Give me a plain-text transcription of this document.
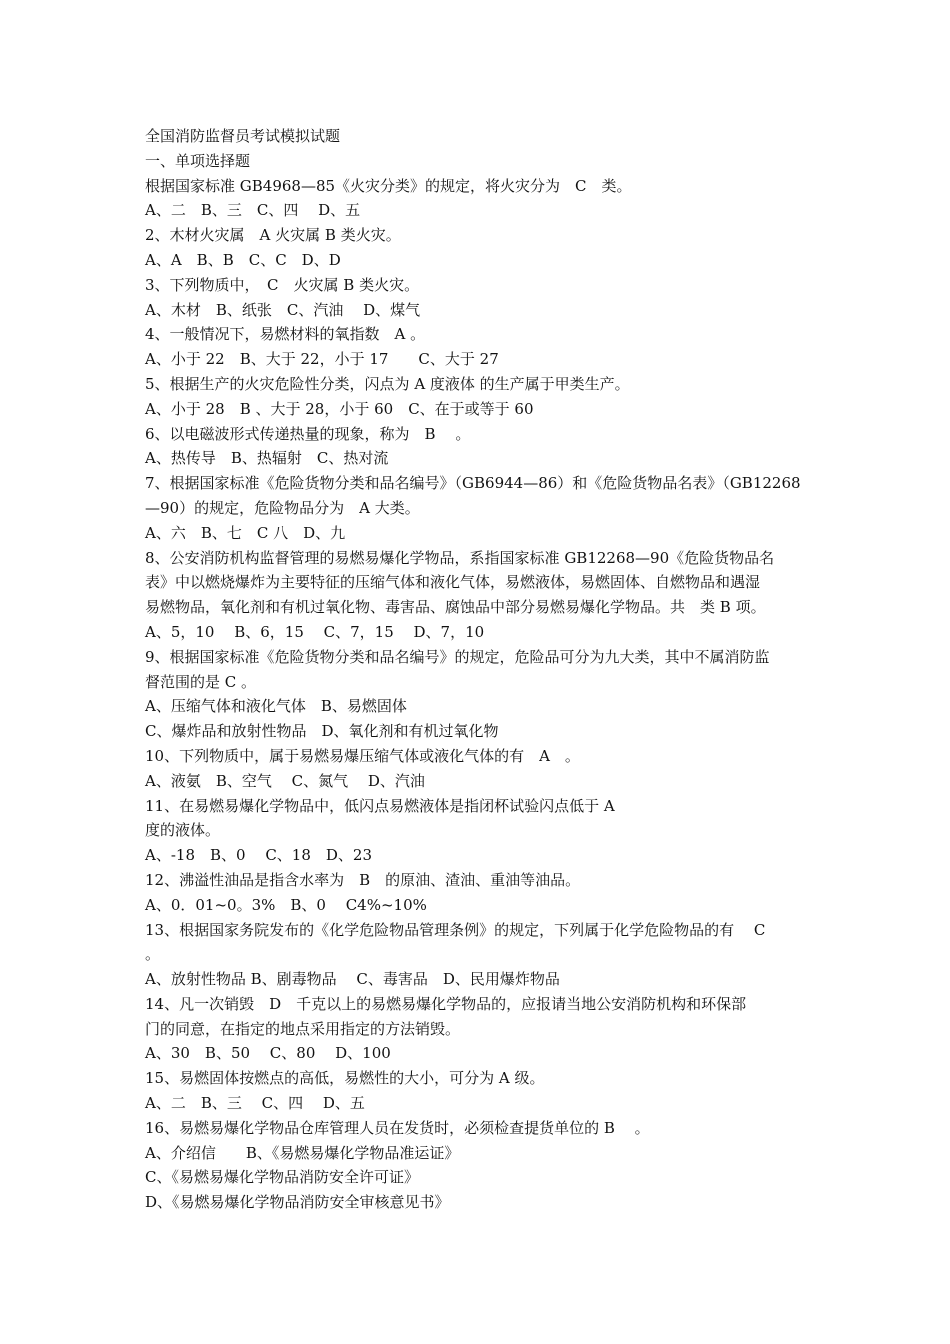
全国消防监督员考试模拟试题
一、单项选择题
根据国家标准 GB4968—85《火灾分类》的规定，将火灾分为　C　类。
A、二　B、三　C、四　 D、五
2、木材火灾属　A 火灾属 B 类火灾。
A、A　B、B　C、C　D、D
3、下列物质中，　C　火灾属 B 类火灾。
A、木材　B、纸张　C、汽油　 D、煤气
4、一般情况下，易燃材料的氧指数　A 。
A、小于 22　B、大于 22，小于 17　　C、大于 27
5、根据生产的火灾危险性分类，闪点为 A 度液体 的生产属于甲类生产。
A、小于 28　B 、大于 28，小于 60　C、在于或等于 60
6、以电磁波形式传递热量的现象，称为　B　 。
A、热传导　B、热辐射　C、热对流
7、根据国家标准《危险货物分类和品名编号》（GB6944—86）和《危险货物品名表》（GB12268
—90）的规定，危险物品分为　A 大类。
A、六　B、七　C 八　D、九
8、公安消防机构监督管理的易燃易爆化学物品，系指国家标准 GB12268—90《危险货物品名
表》中以燃烧爆炸为主要特征的压缩气体和液化气体，易燃液体，易燃固体、自燃物品和遇湿
易燃物品，氧化剂和有机过氧化物、毒害品、腐蚀品中部分易燃易爆化学物品。共　类 B 项。
A、5，10　 B、6，15　 C、7，15　 D、7，10
9、根据国家标准《危险货物分类和品名编号》的规定，危险品可分为九大类，其中不属消防监
督范围的是 C 。
A、压缩气体和液化气体　B、易燃固体
C、爆炸品和放射性物品　D、氧化剂和有机过氧化物
10、下列物质中，属于易燃易爆压缩气体或液化气体的有　A　。
A、液氨　B、空气　 C、氮气　 D、汽油
11、在易燃易爆化学物品中，低闪点易燃液体是指闭杯试验闪点低于 A
度的液体。
A、-18　B、0　 C、18　D、23
12、沸溢性油品是指含水率为　B　的原油、渣油、重油等油品。
A、0．01~0。3%　B、0　 C4%~10%
13、根据国家务院发布的《化学危险物品管理条例》的规定，下列属于化学危险物品的有　 C
。
A、放射性物品 B、剧毒物品　 C、毒害品　D、民用爆炸物品
14、凡一次销毁　D　千克以上的易燃易爆化学物品的，应报请当地公安消防机构和环保部
门的同意，在指定的地点采用指定的方法销毁。
A、30　B、50　 C、80　 D、100
15、易燃固体按燃点的高低，易燃性的大小，可分为 A 级。
A、二　B、三　 C、四　 D、五
16、易燃易爆化学物品仓库管理人员在发货时，必须检查提货单位的 B　 。
A、介绍信　　B、《易燃易爆化学物品准运证》
C、《易燃易爆化学物品消防安全许可证》
D、《易燃易爆化学物品消防安全审核意见书》
